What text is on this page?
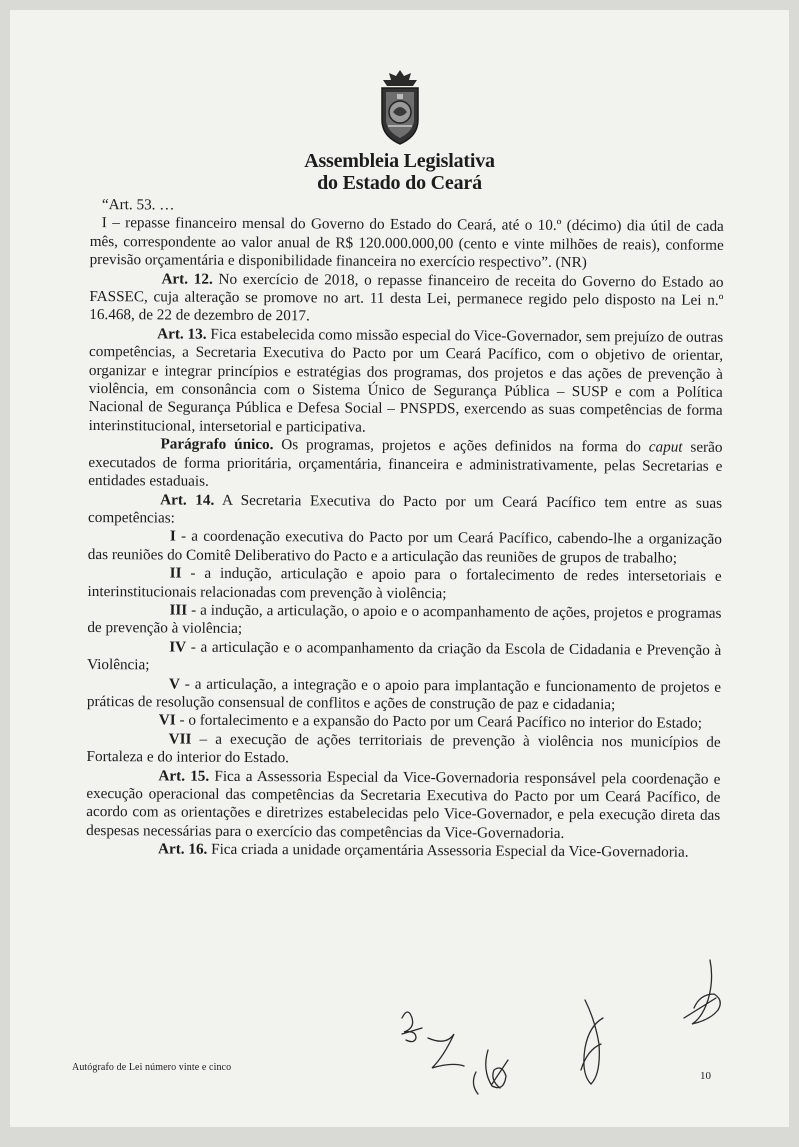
Assembleia Legislativa
do Estado do Ceará

“Art. 53. …

I – repasse financeiro mensal do Governo do Estado do Ceará, até o 10.º (décimo) dia útil de cada mês, correspondente ao valor anual de R$ 120.000.000,00 (cento e vinte milhões de reais), conforme previsão orçamentária e disponibilidade financeira no exercício respectivo”. (NR)

Art. 12. No exercício de 2018, o repasse financeiro de receita do Governo do Estado ao FASSEC, cuja alteração se promove no art. 11 desta Lei, permanece regido pelo disposto na Lei n.º 16.468, de 22 de dezembro de 2017.

Art. 13. Fica estabelecida como missão especial do Vice-Governador, sem prejuízo de outras competências, a Secretaria Executiva do Pacto por um Ceará Pacífico, com o objetivo de orientar, organizar e integrar princípios e estratégias dos programas, dos projetos e das ações de prevenção à violência, em consonância com o Sistema Único de Segurança Pública – SUSP e com a Política Nacional de Segurança Pública e Defesa Social – PNSPDS, exercendo as suas competências de forma interinstitucional, intersetorial e participativa.

Parágrafo único. Os programas, projetos e ações definidos na forma do caput serão executados de forma prioritária, orçamentária, financeira e administrativamente, pelas Secretarias e entidades estaduais.

Art. 14. A Secretaria Executiva do Pacto por um Ceará Pacífico tem entre as suas competências:

I - a coordenação executiva do Pacto por um Ceará Pacífico, cabendo-lhe a organização das reuniões do Comitê Deliberativo do Pacto e a articulação das reuniões de grupos de trabalho;

II - a indução, articulação e apoio para o fortalecimento de redes intersetoriais e interinstitucionais relacionadas com prevenção à violência;

III - a indução, a articulação, o apoio e o acompanhamento de ações, projetos e programas de prevenção à violência;

IV - a articulação e o acompanhamento da criação da Escola de Cidadania e Prevenção à Violência;

V - a articulação, a integração e o apoio para implantação e funcionamento de projetos e práticas de resolução consensual de conflitos e ações de construção de paz e cidadania;

VI - o fortalecimento e a expansão do Pacto por um Ceará Pacífico no interior do Estado;

VII – a execução de ações territoriais de prevenção à violência nos municípios de Fortaleza e do interior do Estado.

Art. 15. Fica a Assessoria Especial da Vice-Governadoria responsável pela coordenação e execução operacional das competências da Secretaria Executiva do Pacto por um Ceará Pacífico, de acordo com as orientações e diretrizes estabelecidas pelo Vice-Governador, e pela execução direta das despesas necessárias para o exercício das competências da Vice-Governadoria.

Art. 16. Fica criada a unidade orçamentária Assessoria Especial da Vice-Governadoria.

Autógrafo de Lei número vinte e cinco
10
